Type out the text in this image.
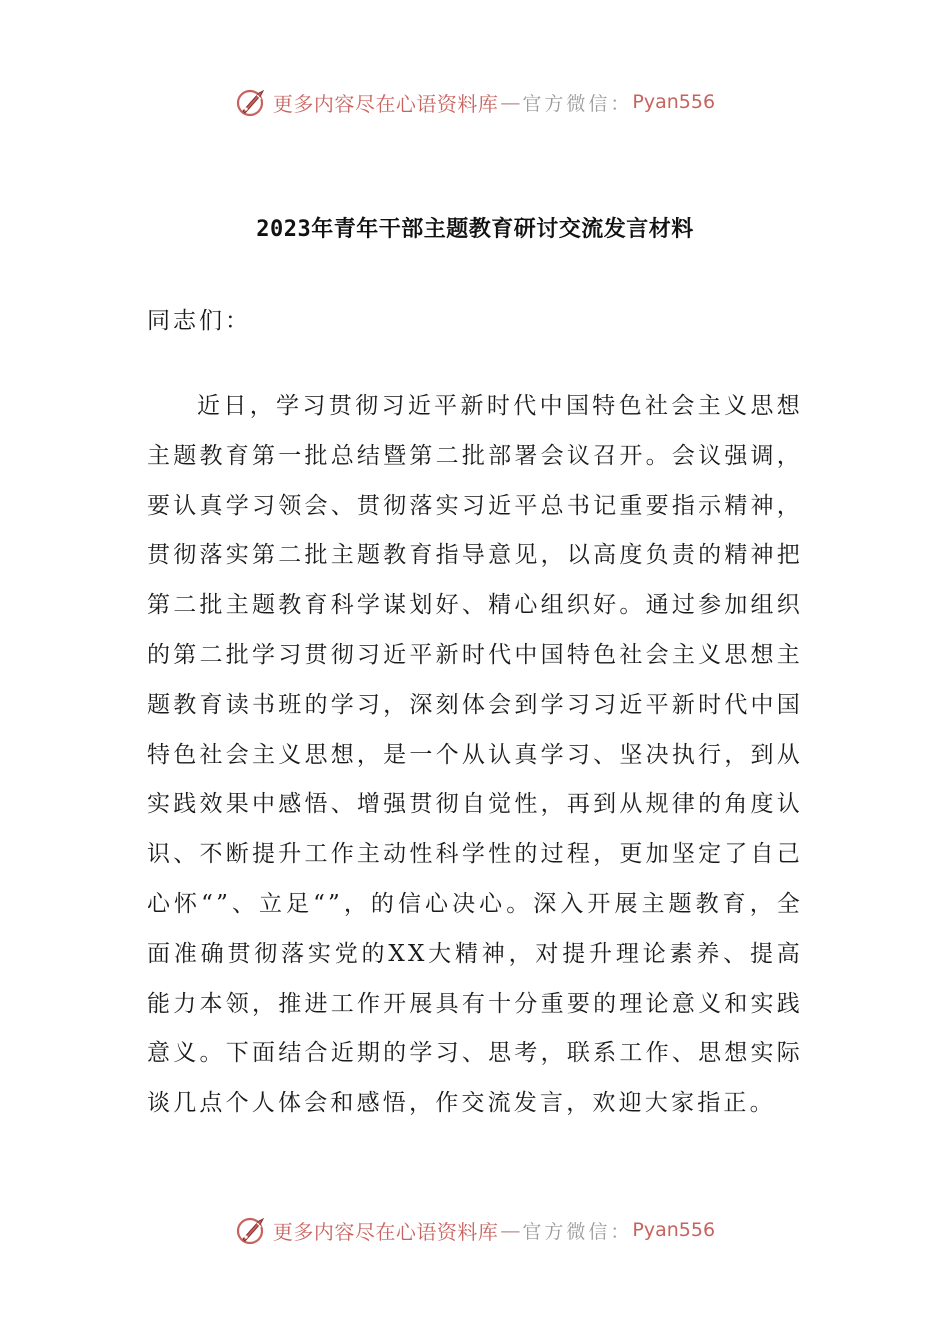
更多内容尽在心语资料库 — 官方微信： Pyan556
2023年青年干部主题教育研讨交流发言材料
同志们：
近日，学习贯彻习近平新时代中国特色社会主义思想主题教育第一批总结暨第二批部署会议召开。会议强调，要认真学习领会、贯彻落实习近平总书记重要指示精神，贯彻落实第二批主题教育指导意见，以高度负责的精神把第二批主题教育科学谋划好、精心组织好。通过参加组织的第二批学习贯彻习近平新时代中国特色社会主义思想主题教育读书班的学习，深刻体会到学习习近平新时代中国特色社会主义思想，是一个从认真学习、坚决执行，到从实践效果中感悟、增强贯彻自觉性，再到从规律的角度认识、不断提升工作主动性科学性的过程，更加坚定了自己心怀“”、立足“”，的信心决心。深入开展主题教育，全面准确贯彻落实党的XX大精神，对提升理论素养、提高能力本领，推进工作开展具有十分重要的理论意义和实践意义。下面结合近期的学习、思考，联系工作、思想实际谈几点个人体会和感悟，作交流发言，欢迎大家指正。
更多内容尽在心语资料库 — 官方微信： Pyan556
